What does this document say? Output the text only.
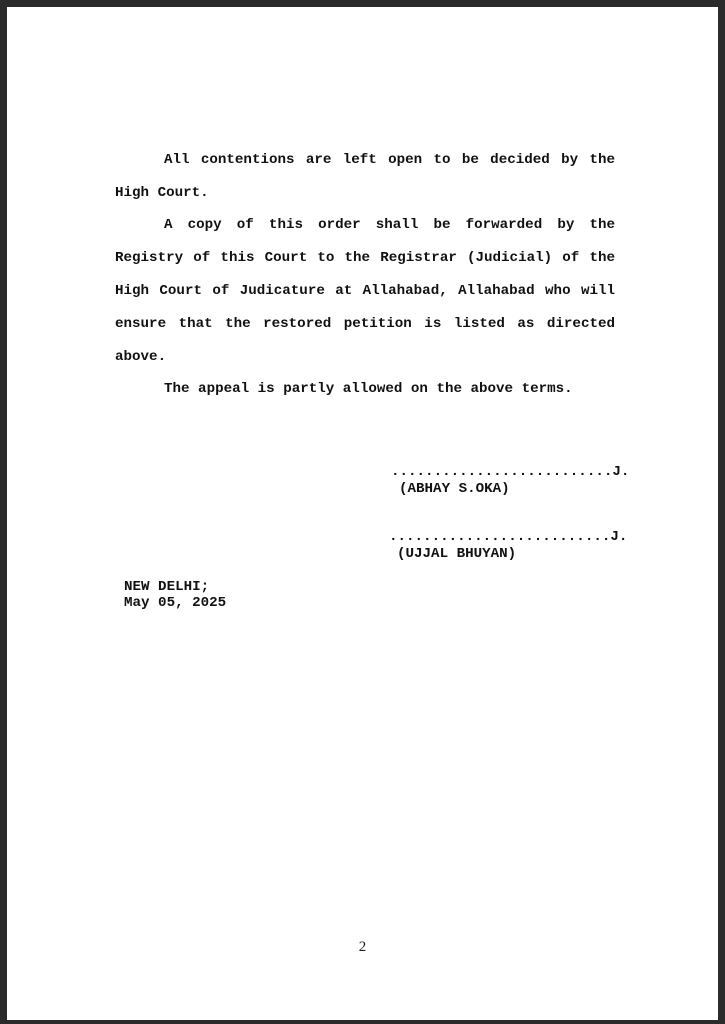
All contentions are left open to be decided by the High Court.

A copy of this order shall be forwarded by the Registry of this Court to the Registrar (Judicial) of the High Court of Judicature at Allahabad, Allahabad who will ensure that the restored petition is listed as directed above.

The appeal is partly allowed on the above terms.

..........................J.
(ABHAY S.OKA)
..........................J.
(UJJAL BHUYAN)
NEW DELHI;
May 05, 2025
2
